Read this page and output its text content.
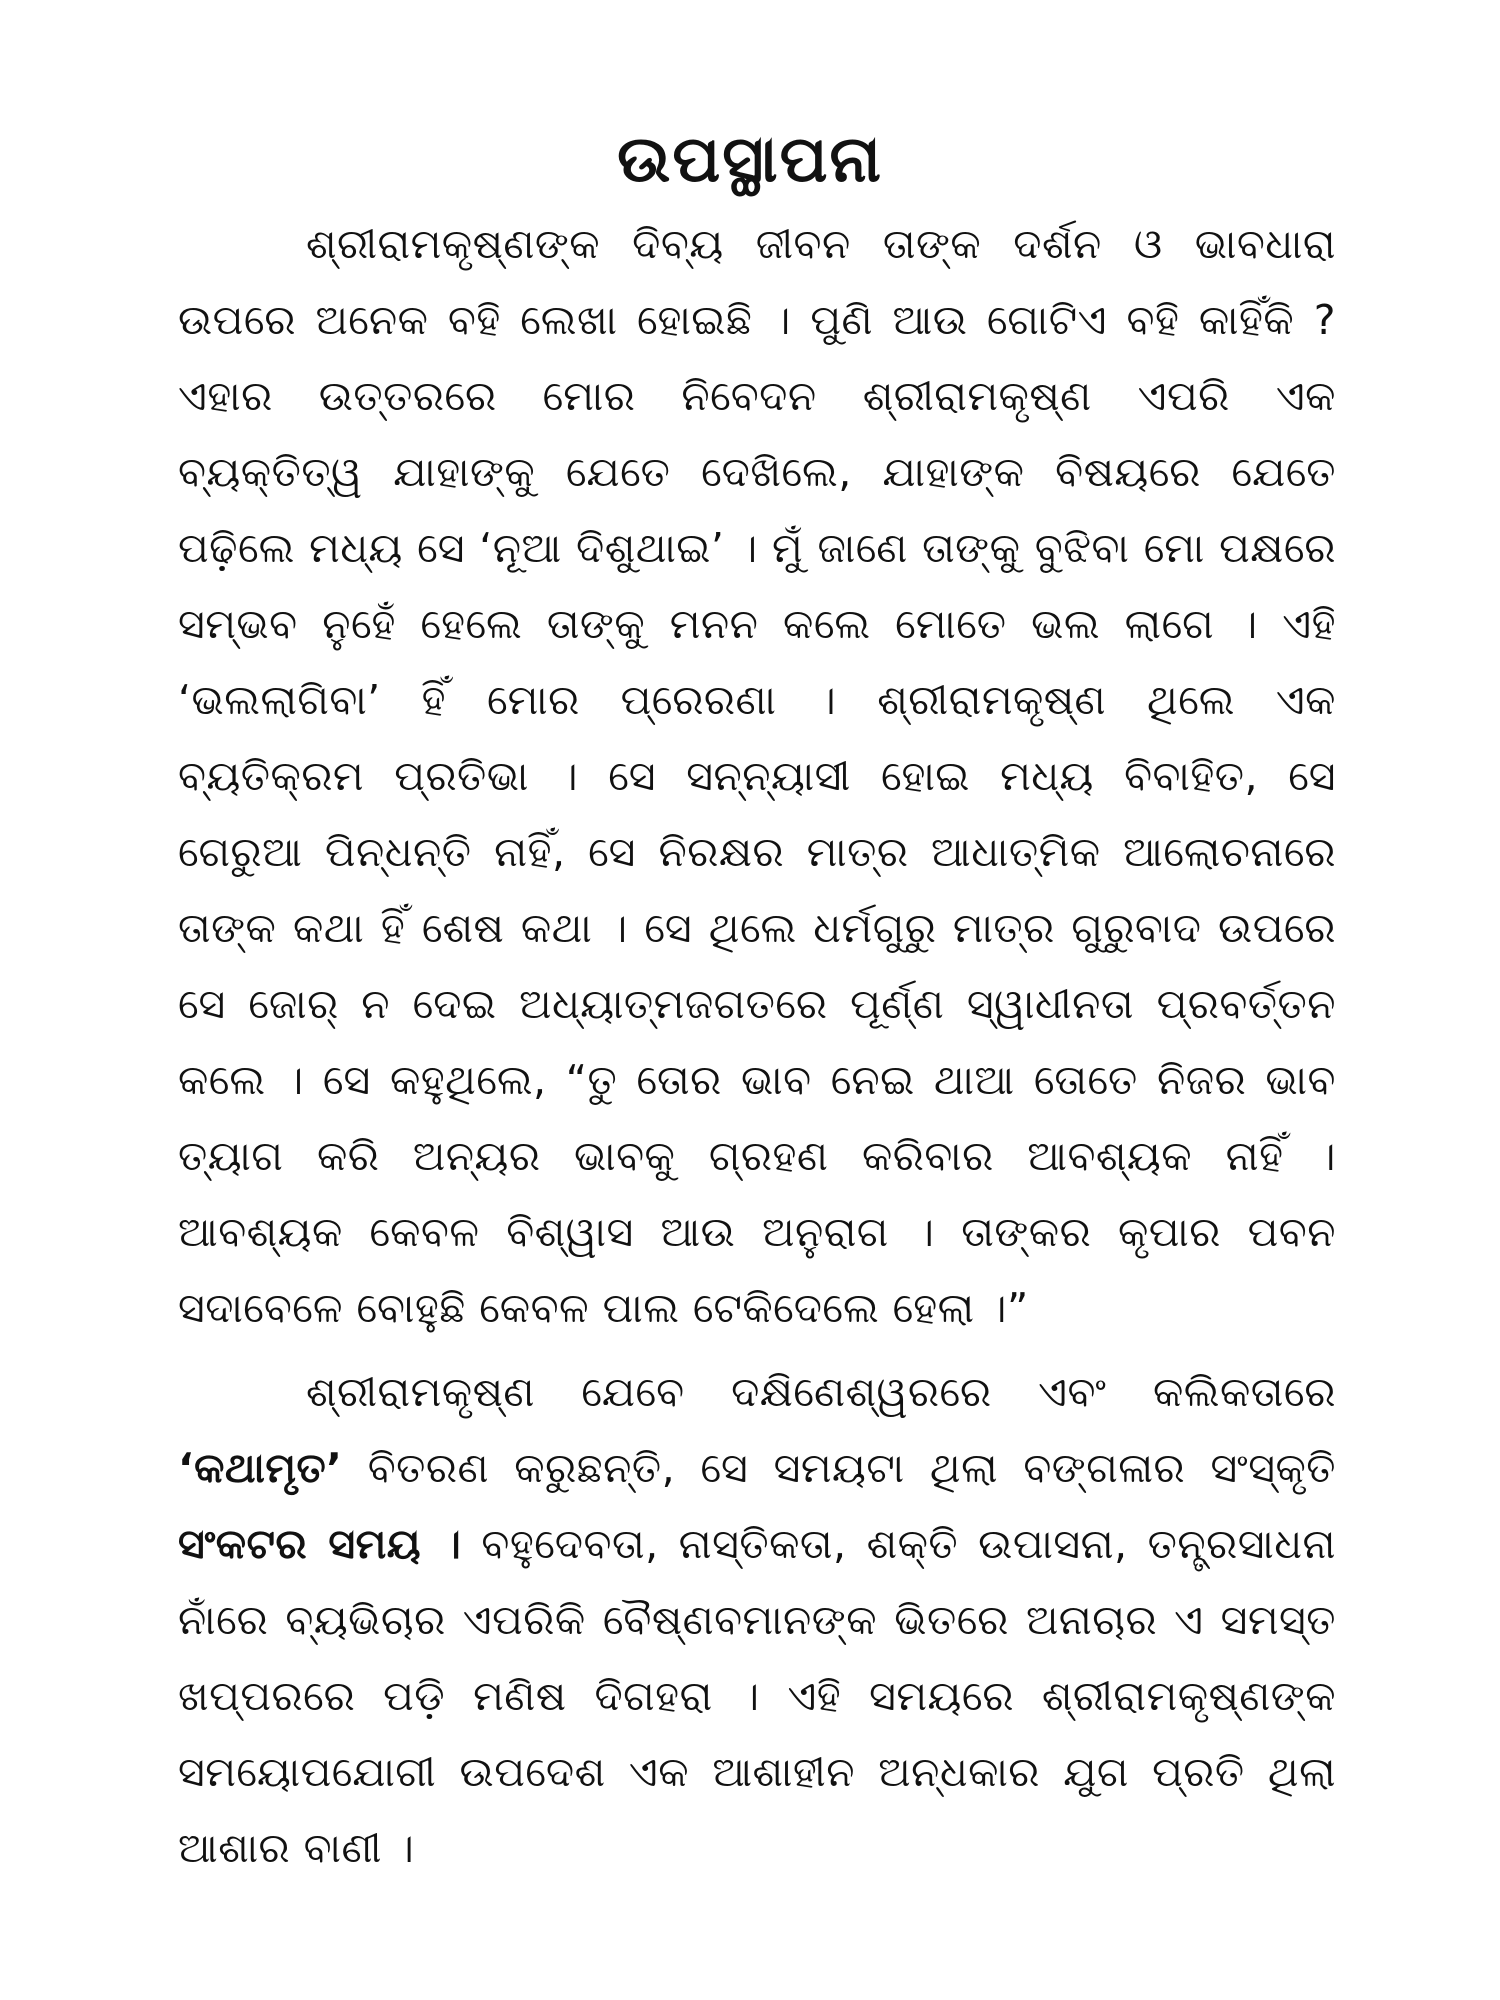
ଉପସ୍ଥାପନା

ଶ୍ରୀରାମକୃଷ୍ଣଙ୍କ ଦିବ୍ୟ ଜୀବନ ତାଙ୍କ ଦର୍ଶନ ଓ ଭାବଧାରା ଉପରେ ଅନେକ ବହି ଲେଖା ହୋଇଛି । ପୁଣି ଆଉ ଗୋଟିଏ ବହି କାହିଁକି ? ଏହାର ଉତ୍ତରରେ ମୋର ନିବେଦନ ଶ୍ରୀରାମକୃଷ୍ଣ ଏପରି ଏକ ବ୍ୟକ୍ତିତ୍ୱ ଯାହାଙ୍କୁ ଯେତେ ଦେଖିଲେ, ଯାହାଙ୍କ ବିଷୟରେ ଯେତେ ପଢ଼ିଲେ ମଧ୍ୟ ସେ ‘ନୂଆ ଦିଶୁଥାଇ’ । ମୁଁ ଜାଣେ ତାଙ୍କୁ ବୁଝିବା ମୋ ପକ୍ଷରେ ସମ୍ଭବ ନୁହେଁ ହେଲେ ତାଙ୍କୁ ମନନ କଲେ ମୋତେ ଭଲ ଲାଗେ । ଏହି ‘ଭଲଲାଗିବା’ ହିଁ ମୋର ପ୍ରେରଣା । ଶ୍ରୀରାମକୃଷ୍ଣ ଥିଲେ ଏକ ବ୍ୟତିକ୍ରମ ପ୍ରତିଭା । ସେ ସନ୍ନ୍ୟାସୀ ହୋଇ ମଧ୍ୟ ବିବାହିତ, ସେ ଗେରୁଆ ପିନ୍ଧନ୍ତି ନାହିଁ, ସେ ନିରକ୍ଷର ମାତ୍ର ଆଧାତ୍ମିକ ଆଲୋଚନାରେ ତାଙ୍କ କଥା ହିଁ ଶେଷ କଥା । ସେ ଥିଲେ ଧର୍ମଗୁରୁ ମାତ୍ର ଗୁରୁବାଦ ଉପରେ ସେ ଜୋର୍ ନ ଦେଇ ଅଧ୍ୟାତ୍ମଜଗତରେ ପୂର୍ଣ୍ଣ ସ୍ୱାଧୀନତା ପ୍ରବର୍ତ୍ତନ କଲେ । ସେ କହୁଥିଲେ, “ତୁ ତୋର ଭାବ ନେଇ ଥାଆ ତୋତେ ନିଜର ଭାବ ତ୍ୟାଗ କରି ଅନ୍ୟର ଭାବକୁ ଗ୍ରହଣ କରିବାର ଆବଶ୍ୟକ ନାହିଁ । ଆବଶ୍ୟକ କେବଳ ବିଶ୍ୱାସ ଆଉ ଅନୁରାଗ । ତାଙ୍କର କୃପାର ପବନ ସଦାବେଳେ ବୋହୁଛି କେବଳ ପାଲ ଟେକିଦେଲେ ହେଲା ।”

ଶ୍ରୀରାମକୃଷ୍ଣ ଯେବେ ଦକ୍ଷିଣେଶ୍ୱରରେ ଏବଂ କଲିକତାରେ ‘କଥାମୃତ’ ବିତରଣ କରୁଛନ୍ତି, ସେ ସମୟଟା ଥିଲା ବଙ୍ଗଳାର ସଂସ୍କୃତି ସଂକଟର ସମୟ । ବହୁଦେବତା, ନାସ୍ତିକତା, ଶକ୍ତି ଉପାସନା, ତନ୍ତ୍ରସାଧନା ନାଁରେ ବ୍ୟଭିଚାର ଏପରିକି ବୈଷ୍ଣବମାନଙ୍କ ଭିତରେ ଅନାଚାର ଏ ସମସ୍ତ ଖପ୍ପରରେ ପଡ଼ି ମଣିଷ ଦିଗହରା । ଏହି ସମୟରେ ଶ୍ରୀରାମକୃଷ୍ଣଙ୍କ ସମୟୋପଯୋଗୀ ଉପଦେଶ ଏକ ଆଶାହୀନ ଅନ୍ଧକାର ଯୁଗ ପ୍ରତି ଥିଲା ଆଶାର ବାଣୀ ।
